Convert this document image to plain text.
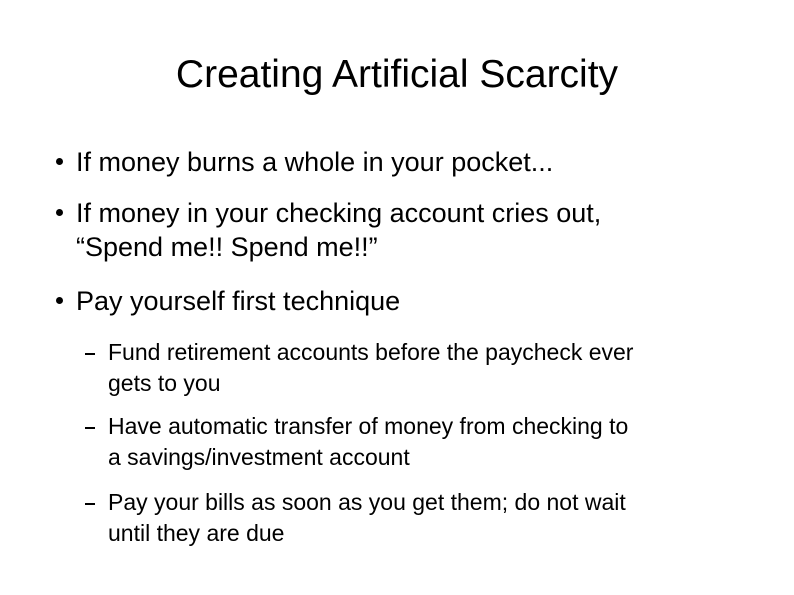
Creating Artificial Scarcity
If money burns a whole in your pocket...
If money in your checking account cries out,
“Spend me!! Spend me!!”
Pay yourself first technique
Fund retirement accounts before the paycheck ever
gets to you
Have automatic transfer of money from checking to
a savings/investment account
Pay your bills as soon as you get them; do not wait
until they are due
